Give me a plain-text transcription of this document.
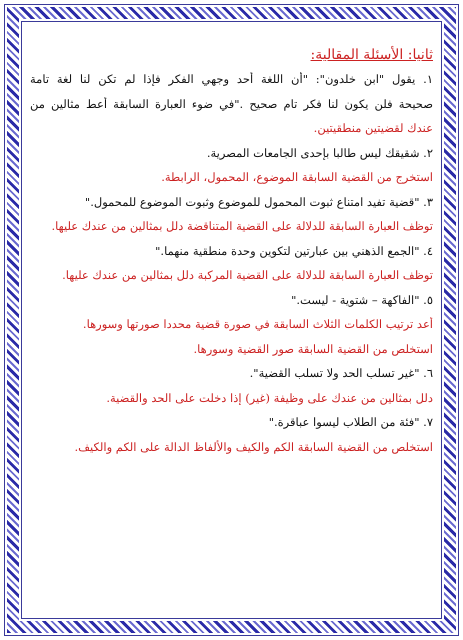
ثانيا: الأسئلة المقالية:
١. يقول "ابن خلدون": "أن اللغة أحد وجهي الفكر فإذا لم تكن لنا لغة تامة
صحيحة فلن يكون لنا فكر تام صحيح ."في ضوء العبارة السابقة أعط مثالين من
عندك لقضيتين منطقيتين.
٢. شقيقك ليس طالبا بإحدى الجامعات المصرية.
استخرج من القضية السابقة الموضوع، المحمول، الرابطة.
٣. "قضية تفيد امتناع ثبوت المحمول للموضوع وثبوت الموضوع للمحمول."
توظف العبارة السابقة للدلالة على القضية المتناقضة دلل بمثالين من عندك عليها.
٤. "الجمع الذهني بين عبارتين لتكوين وحدة منطقية منهما."
توظف العبارة السابقة للدلالة على القضية المركبة دلل بمثالين من عندك عليها.
٥. "الفاكهة – شتوية - ليست."
أعد ترتيب الكلمات الثلاث السابقة في صورة قضية محددا صورتها وسورها.
استخلص من القضية السابقة صور القضية وسورها.
٦. "غير تسلب الحد ولا تسلب القضية".
دلل بمثالين من عندك على وظيفة (غير) إذا دخلت على الحد والقضية.
٧. "فئة من الطلاب ليسوا عباقرة."
استخلص من القضية السابقة الكم والكيف والألفاظ الدالة على الكم والكيف.
